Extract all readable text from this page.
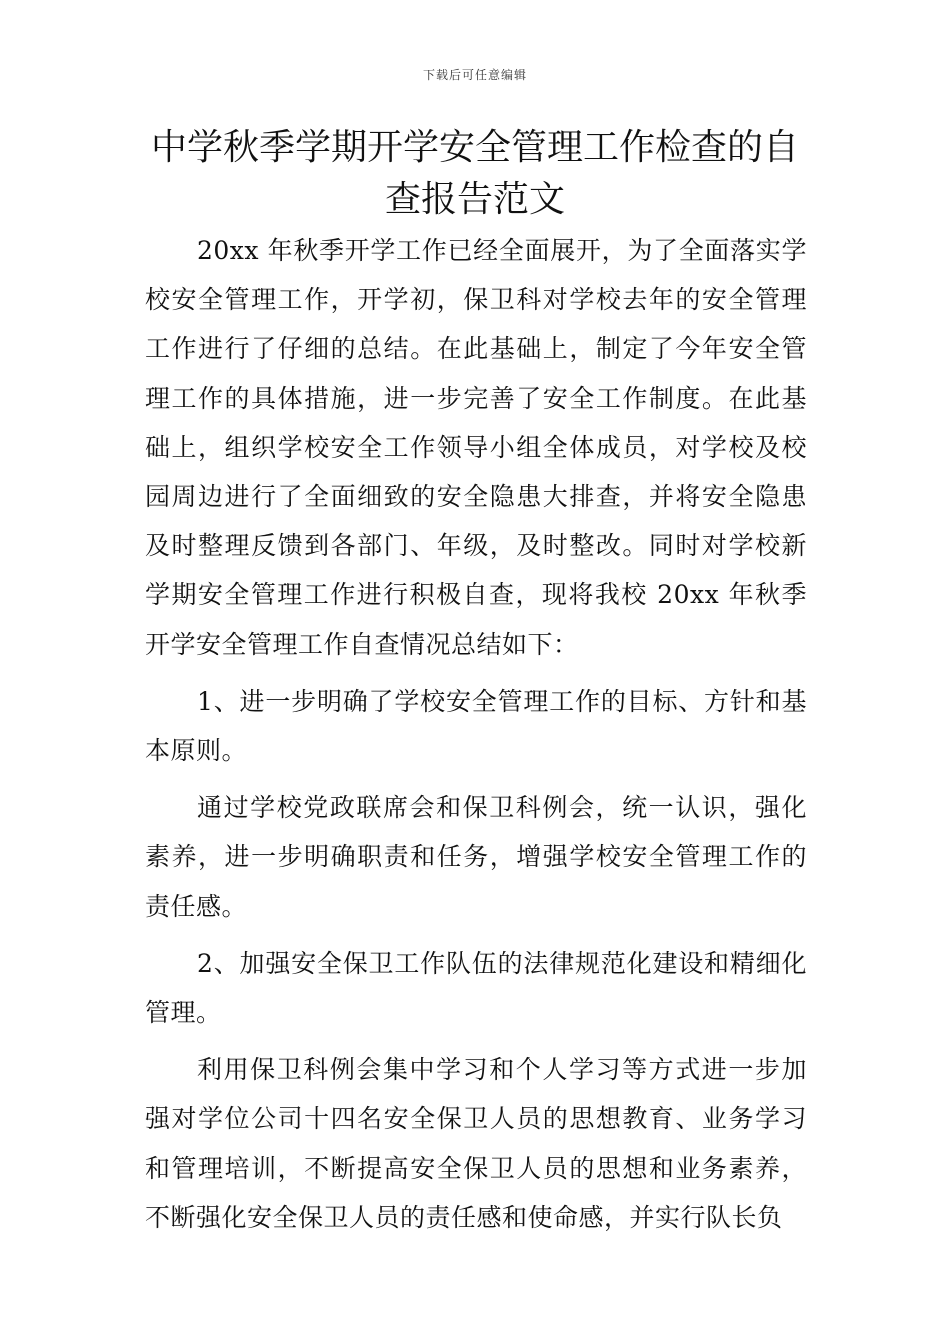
下载后可任意编辑
中学秋季学期开学安全管理工作检查的自查报告范文

20xx 年秋季开学工作已经全面展开，为了全面落实学校安全管理工作，开学初，保卫科对学校去年的安全管理工作进行了仔细的总结。在此基础上，制定了今年安全管理工作的具体措施，进一步完善了安全工作制度。在此基础上，组织学校安全工作领导小组全体成员，对学校及校园周边进行了全面细致的安全隐患大排查，并将安全隐患及时整理反馈到各部门、年级，及时整改。同时对学校新学期安全管理工作进行积极自查，现将我校 20xx 年秋季开学安全管理工作自查情况总结如下：

1、进一步明确了学校安全管理工作的目标、方针和基本原则。

通过学校党政联席会和保卫科例会，统一认识，强化素养，进一步明确职责和任务，增强学校安全管理工作的责任感。

2、加强安全保卫工作队伍的法律规范化建设和精细化管理。

利用保卫科例会集中学习和个人学习等方式进一步加强对学位公司十四名安全保卫人员的思想教育、业务学习和管理培训，不断提高安全保卫人员的思想和业务素养，不断强化安全保卫人员的责任感和使命感，并实行队长负
